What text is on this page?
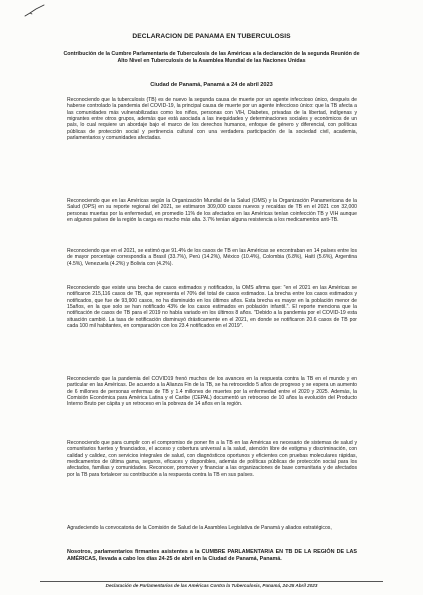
DECLARACION DE PANAMA EN TUBERCULOSIS
Contribución de la Cumbre Parlamentaria de Tuberculosis de las Américas a la declaración de la segunda Reunión de Alto Nivel en Tuberculosis de la Asamblea Mundial de las Naciones Unidas
Ciudad de Panamá, Panamá a 24 de abril 2023

Reconociendo que la tuberculosis (TB) es de nuevo la segunda causa de muerte por un agente infeccioso único, después de haberse controlado la pandemia del COVID-19, la principal causa de muerte por un agente infeccioso único: que la TB afecta a las comunidades más vulnerabilizadas como los niños, personas con VIH, Diabetes, privadas de la libertad, indígenas y migrantes entre otros grupos, además que está asociada a las inequidades y determinaciones sociales y económicos de un país, lo cual requiere un abordaje bajo el marco de los derechos humanos, enfoque de género y diferencial, con políticas públicas de protección social y pertinencia cultural con una verdadera participación de la sociedad civil, academia, parlamentarios y comunidades afectadas.

Reconociendo que en las Américas según la Organización Mundial de la Salud (OMS) y la Organización Panamericana de la Salud (OPS) en su reporte regional del 2021, se estimaron 309,000 casos nuevos y recaídas de TB en el 2021 con 32,000 personas muertas por la enfermedad, en promedio 11% de los afectados en las Américas tenían coinfección TB y VIH aunque en algunos países de la región la carga es mucho más alta. 3.7% tenían alguna resistencia a los medicamentos anti-TB.

Reconociendo que en el 2021, se estimó que 91.4% de los casos de TB en las Américas se encontraban en 14 países entre los de mayor porcentaje correspondía a Brasil (33.7%), Perú (14.2%), México (10.4%), Colombia (6.8%), Haití (5.6%), Argentina (4.5%), Venezuela (4.2%) y Bolivia con (4.2%).

Reconociendo que existe una brecha de casos estimados y notificados, la OMS afirma que: "en el 2021 en las Américas se notificaron 215,116 casos de TB, que representa el 70% del total de casos estimados. La brecha entre los casos estimados y notificados, que fue de 93,900 casos, no ha disminuido en los últimos años. Esta brecha es mayor en la población menor de 15años, en la que solo se han notificado 43% de los casos estimados en población infantil.". El reporte menciona que la notificación de casos de TB para el 2019 no había variado en los últimos 8 años. "Debido a la pandemia por el COVID-19 esta situación cambió. La tasa de notificación disminuyó drásticamente en el 2021, en donde se notificaron 20.6 casos de TB por cada 100 mil habitantes, en comparación con los 23.4 notificados en el 2019".

Reconociendo que la pandemia del COVID19 frenó muchos de los avances en la respuesta contra la TB en el mundo y en particular en las Américas. De acuerdo a la Alianza Fin de la TB, se ha retrocedido 5 años de progreso y se espera un aumento de 6 millones de personas enfermas de TB y 1.4 millones de muertes por la enfermedad entre el 2020 y 2025. Además, la Comisión Económica para América Latina y el Caribe (CEPAL) documentó un retroceso de 10 años la evolución del Producto Interno Bruto per cápita y un retroceso en la pobreza de 14 años en la región.

Reconociendo que para cumplir con el compromiso de poner fin a la TB en las Américas es necesario de sistemas de salud y comunitarios fuertes y financiados, el acceso y cobertura universal a la salud, atención libre de estigma y discriminación, con calidad y calidez, con servicios integrales de salud, con diagnósticos oportunos y eficientes con pruebas moleculares rápidas, medicamentos de última gama, seguros, eficaces y disponibles, además de políticas públicas de protección social para los afectados, familias y comunidades. Reconocer, promover y financiar a las organizaciones de base comunitaria y de afectados por la TB para fortalecer su contribución a la respuesta contra la TB en sus países.

Agradeciendo la convocatoria de la Comisión de Salud de la Asamblea Legislativa de Panamá y aliados estratégicos,

Nosotros, parlamentarios firmantes asistentes a la CUMBRE PARLAMENTARIA EN TB DE LA REGIÓN DE LAS AMÉRICAS, llevada a cabo los días 24-25 de abril en la Ciudad de Panamá, Panamá.

Declaración de Parlamentarios de las Américas Contra la Tuberculosis, Panamá, 24-25 Abril 2023
